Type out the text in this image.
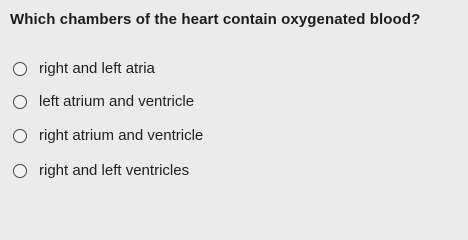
Which chambers of the heart contain oxygenated blood?
right and left atria
left atrium and ventricle
right atrium and ventricle
right and left ventricles
